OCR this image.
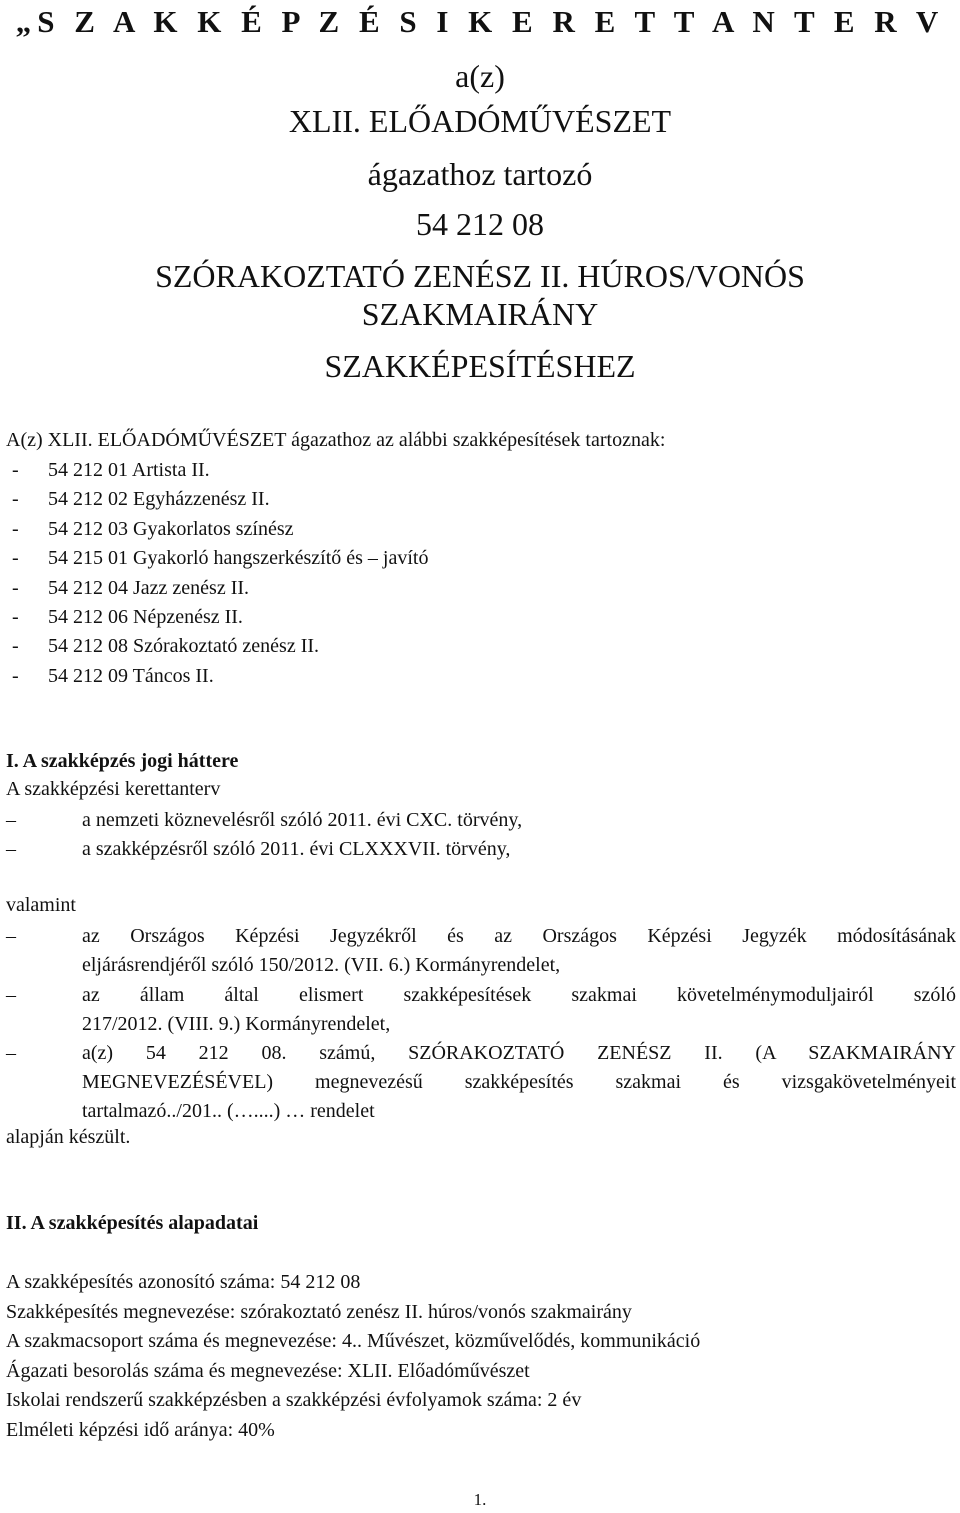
„S Z A K K É P Z É S I K E R E T T A N T E R V
a(z)
XLII. ELŐADÓMŰVÉSZET
ágazathoz tartozó
54 212 08
SZÓRAKOZTATÓ ZENÉSZ II. HÚROS/VONÓS
SZAKMAIRÁNY
SZAKKÉPESÍTÉSHEZ
A(z) XLII. ELŐADÓMŰVÉSZET ágazathoz az alábbi szakképesítések tartoznak:
- 54 212 01 Artista II.
- 54 212 02 Egyházzenész II.
- 54 212 03 Gyakorlatos színész
- 54 215 01 Gyakorló hangszerkészítő és – javító
- 54 212 04 Jazz zenész II.
- 54 212 06 Népzenész II.
- 54 212 08 Szórakoztató zenész II.
- 54 212 09 Táncos II.
I. A szakképzés jogi háttere
A szakképzési kerettanterv
–	a nemzeti köznevelésről szóló 2011. évi CXC. törvény,
–	a szakképzésről szóló 2011. évi CLXXXVII. törvény,
valamint
–	az Országos Képzési Jegyzékről és az Országos Képzési Jegyzék módosításának
eljárásrendjéről szóló 150/2012. (VII. 6.) Kormányrendelet,
–	az állam által elismert szakképesítések szakmai követelménymoduljairól szóló
217/2012. (VIII. 9.) Kormányrendelet,
–	a(z) 54 212 08. számú, SZÓRAKOZTATÓ ZENÉSZ II. (A SZAKMAIRÁNY
MEGNEVEZÉSÉVEL) megnevezésű szakképesítés szakmai és vizsgakövetelményeit
tartalmazó../201.. (…....) … rendelet
alapján készült.
II. A szakképesítés alapadatai
A szakképesítés azonosító száma: 54 212 08
Szakképesítés megnevezése: szórakoztató zenész II. húros/vonós szakmairány
A szakmacsoport száma és megnevezése: 4.. Művészet, közművelődés, kommunikáció
Ágazati besorolás száma és megnevezése: XLII. Előadóművészet
Iskolai rendszerű szakképzésben a szakképzési évfolyamok száma: 2 év
Elméleti képzési idő aránya: 40%
1.
